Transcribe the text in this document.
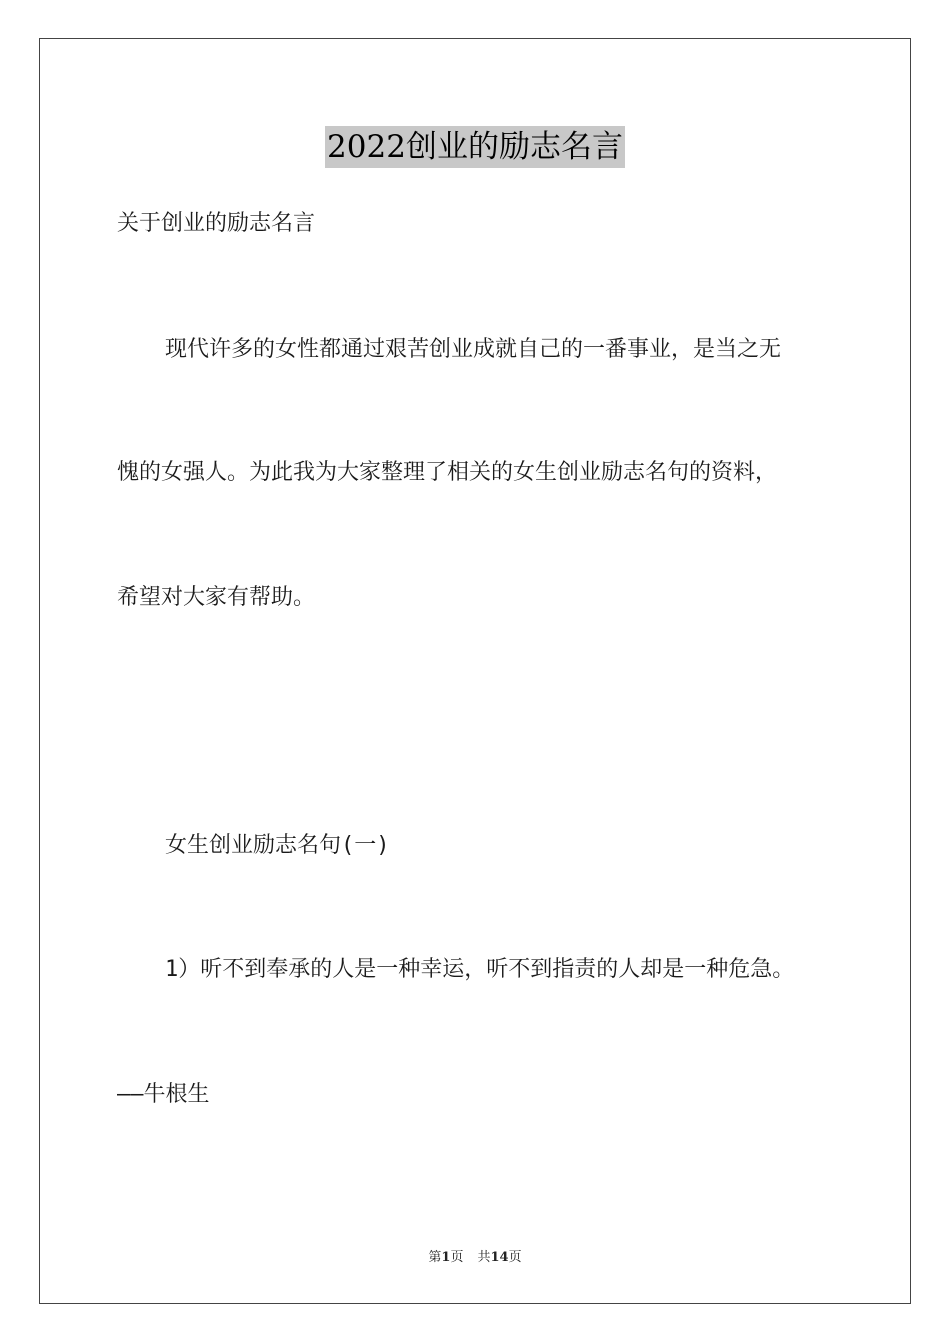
2022创业的励志名言
关于创业的励志名言
现代许多的女性都通过艰苦创业成就自己的一番事业，是当之无
愧的女强人。为此我为大家整理了相关的女生创业励志名句的资料，
希望对大家有帮助。
女生创业励志名句(一)
1）听不到奉承的人是一种幸运，听不到指责的人却是一种危急。
——牛根生
第1页 共14页
